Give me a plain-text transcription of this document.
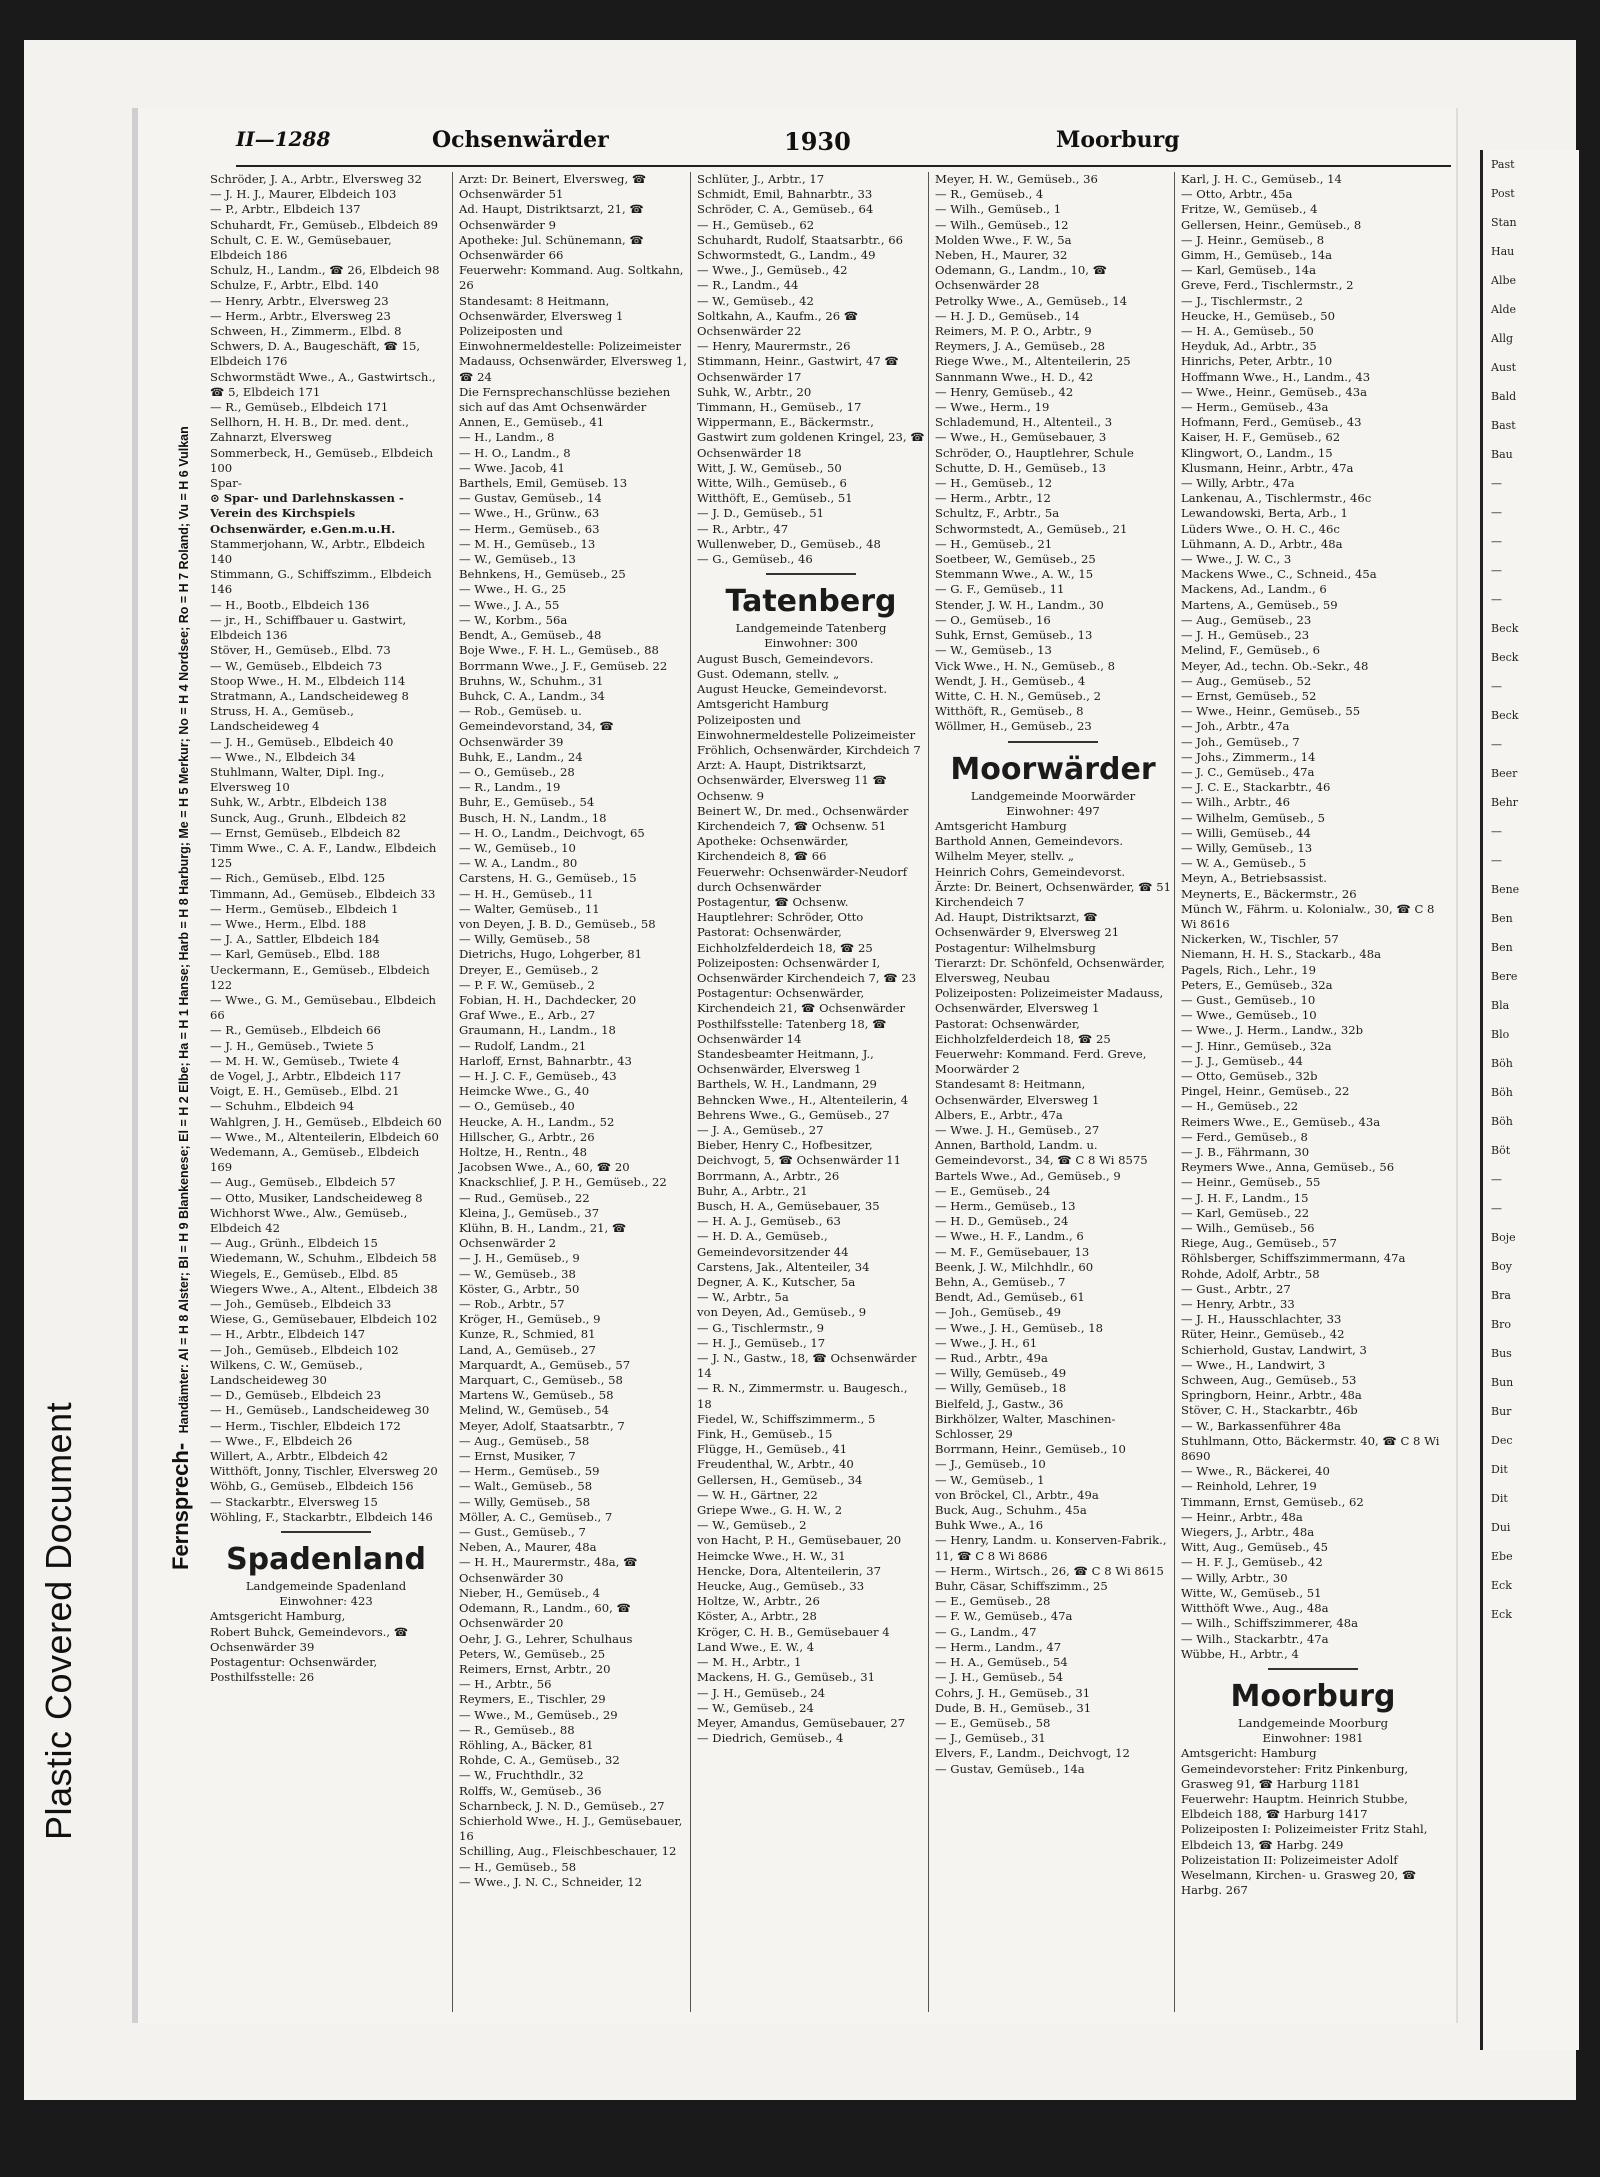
Plastic Covered Document
Past
Post
Stan
Hau
Albe
Alde
Allg
Aust
Bald
Bast
Bau
—
—
—
—
—
Beck
Beck
—
Beck
—
Beer
Behr
—
—
Bene
Ben
Ben
Bere
Bla
Blo
Böh
Böh
Böh
Böt
—
—
Boje
Boy
Bra
Bro
Bus
Bun
Bur
Dec
Dit
Dit
Dui
Ebe
Eck
Eck
Fernsprech- Handämter: Al = H 8 Alster; Bl = H 9 Blankenese; El = H 2 Elbe; Ha = H 1 Hanse; Harb = H 8 Harburg; Me = H 5 Merkur; No = H 4 Nordsee; Ro = H 7 Roland; Vu = H 6 Vulkan
II—1288	Ochsenwärder	1930	Moorburg
Schröder, J. A., Arbtr., Elversweg 32
— J. H. J., Maurer, Elbdeich 103
— P., Arbtr., Elbdeich 137
Schuhardt, Fr., Gemüseb., Elbdeich 89
Schult, C. E. W., Gemüsebauer, Elbdeich 186
Schulz, H., Landm., ☎ 26, Elbdeich 98
Schulze, F., Arbtr., Elbd. 140
— Henry, Arbtr., Elversweg 23
— Herm., Arbtr., Elversweg 23
Schween, H., Zimmerm., Elbd. 8
Schwers, D. A., Baugeschäft, ☎ 15, Elbdeich 176
Schwormstädt Wwe., A., Gastwirtsch., ☎ 5, Elbdeich 171
— R., Gemüseb., Elbdeich 171
Sellhorn, H. H. B., Dr. med. dent., Zahnarzt, Elversweg
Sommerbeck, H., Gemüseb., Elbdeich 100
Spar-
⊙ Spar- und Darlehnskassen - Verein des Kirchspiels Ochsenwärder, e.Gen.m.u.H.
Stammerjohann, W., Arbtr., Elbdeich 140
Stimmann, G., Schiffszimm., Elbdeich 146
— H., Bootb., Elbdeich 136
— jr., H., Schiffbauer u. Gastwirt, Elbdeich 136
Stöver, H., Gemüseb., Elbd. 73
— W., Gemüseb., Elbdeich 73
Stoop Wwe., H. M., Elbdeich 114
Stratmann, A., Landscheideweg 8
Struss, H. A., Gemüseb., Landscheideweg 4
— J. H., Gemüseb., Elbdeich 40
— Wwe., N., Elbdeich 34
Stuhlmann, Walter, Dipl. Ing., Elversweg 10
Suhk, W., Arbtr., Elbdeich 138
Sunck, Aug., Grunh., Elbdeich 82
— Ernst, Gemüseb., Elbdeich 82
Timm Wwe., C. A. F., Landw., Elbdeich 125
— Rich., Gemüseb., Elbd. 125
Timmann, Ad., Gemüseb., Elbdeich 33
— Herm., Gemüseb., Elbdeich 1
— Wwe., Herm., Elbd. 188
— J. A., Sattler, Elbdeich 184
— Karl, Gemüseb., Elbd. 188
Ueckermann, E., Gemüseb., Elbdeich 122
— Wwe., G. M., Gemüsebau., Elbdeich 66
— R., Gemüseb., Elbdeich 66
— J. H., Gemüseb., Twiete 5
— M. H. W., Gemüseb., Twiete 4
de Vogel, J., Arbtr., Elbdeich 117
Voigt, E. H., Gemüseb., Elbd. 21
— Schuhm., Elbdeich 94
Wahlgren, J. H., Gemüseb., Elbdeich 60
— Wwe., M., Altenteilerin, Elbdeich 60
Wedemann, A., Gemüseb., Elbdeich 169
— Aug., Gemüseb., Elbdeich 57
— Otto, Musiker, Landscheideweg 8
Wichhorst Wwe., Alw., Gemüseb., Elbdeich 42
— Aug., Grünh., Elbdeich 15
Wiedemann, W., Schuhm., Elbdeich 58
Wiegels, E., Gemüseb., Elbd. 85
Wiegers Wwe., A., Altent., Elbdeich 38
— Joh., Gemüseb., Elbdeich 33
Wiese, G., Gemüsebauer, Elbdeich 102
— H., Arbtr., Elbdeich 147
— Joh., Gemüseb., Elbdeich 102
Wilkens, C. W., Gemüseb., Landscheideweg 30
— D., Gemüseb., Elbdeich 23
— H., Gemüseb., Landscheideweg 30
— Herm., Tischler, Elbdeich 172
— Wwe., F., Elbdeich 26
Willert, A., Arbtr., Elbdeich 42
Witthöft, Jonny, Tischler, Elversweg 20
Wöhb, G., Gemüseb., Elbdeich 156
— Stackarbtr., Elversweg 15
Wöhling, F., Stackarbtr., Elbdeich 146
Spadenland
Landgemeinde Spadenland
Einwohner: 423
Amtsgericht Hamburg,
Robert Buhck, Gemeindevors., ☎ Ochsenwärder 39
Postagentur: Ochsenwärder, Posthilfsstelle: 26
Arzt: Dr. Beinert, Elversweg, ☎ Ochsenwärder 51
Ad. Haupt, Distriktsarzt, 21, ☎ Ochsenwärder 9
Apotheke: Jul. Schünemann, ☎ Ochsenwärder 66
Feuerwehr: Kommand. Aug. Soltkahn, 26
Standesamt: 8 Heitmann, Ochsenwärder, Elversweg 1
Polizeiposten und Einwohnermeldestelle: Polizeimeister Madauss, Ochsenwärder, Elversweg 1, ☎ 24
Die Fernsprechanschlüsse beziehen sich auf das Amt Ochsenwärder
Annen, E., Gemüseb., 41
— H., Landm., 8
— H. O., Landm., 8
— Wwe. Jacob, 41
Barthels, Emil, Gemüseb. 13
— Gustav, Gemüseb., 14
— Wwe., H., Grünw., 63
— Herm., Gemüseb., 63
— M. H., Gemüseb., 13
— W., Gemüseb., 13
Behnkens, H., Gemüseb., 25
— Wwe., H. G., 25
— Wwe., J. A., 55
— W., Korbm., 56a
Bendt, A., Gemüseb., 48
Boje Wwe., F. H. L., Gemüseb., 88
Borrmann Wwe., J. F., Gemüseb. 22
Bruhns, W., Schuhm., 31
Buhck, C. A., Landm., 34
— Rob., Gemüseb. u. Gemeindevorstand, 34, ☎ Ochsenwärder 39
Buhk, E., Landm., 24
— O., Gemüseb., 28
— R., Landm., 19
Buhr, E., Gemüseb., 54
Busch, H. N., Landm., 18
— H. O., Landm., Deichvogt, 65
— W., Gemüseb., 10
— W. A., Landm., 80
Carstens, H. G., Gemüseb., 15
— H. H., Gemüseb., 11
— Walter, Gemüseb., 11
von Deyen, J. B. D., Gemüseb., 58
— Willy, Gemüseb., 58
Dietrichs, Hugo, Lohgerber, 81
Dreyer, E., Gemüseb., 2
— P. F. W., Gemüseb., 2
Fobian, H. H., Dachdecker, 20
Graf Wwe., E., Arb., 27
Graumann, H., Landm., 18
— Rudolf, Landm., 21
Harloff, Ernst, Bahnarbtr., 43
— H. J. C. F., Gemüseb., 43
Heimcke Wwe., G., 40
— O., Gemüseb., 40
Heucke, A. H., Landm., 52
Hillscher, G., Arbtr., 26
Holtze, H., Rentn., 48
Jacobsen Wwe., A., 60, ☎ 20
Knackschlief, J. P. H., Gemüseb., 22
— Rud., Gemüseb., 22
Kleina, J., Gemüseb., 37
Klühn, B. H., Landm., 21, ☎ Ochsenwärder 2
— J. H., Gemüseb., 9
— W., Gemüseb., 38
Köster, G., Arbtr., 50
— Rob., Arbtr., 57
Kröger, H., Gemüseb., 9
Kunze, R., Schmied, 81
Land, A., Gemüseb., 27
Marquardt, A., Gemüseb., 57
Marquart, C., Gemüseb., 58
Martens W., Gemüseb., 58
Melind, W., Gemüseb., 54
Meyer, Adolf, Staatsarbtr., 7
— Aug., Gemüseb., 58
— Ernst, Musiker, 7
— Herm., Gemüseb., 59
— Walt., Gemüseb., 58
— Willy, Gemüseb., 58
Möller, A. C., Gemüseb., 7
— Gust., Gemüseb., 7
Neben, A., Maurer, 48a
— H. H., Maurermstr., 48a, ☎ Ochsenwärder 30
Nieber, H., Gemüseb., 4
Odemann, R., Landm., 60, ☎ Ochsenwärder 20
Oehr, J. G., Lehrer, Schulhaus
Peters, W., Gemüseb., 25
Reimers, Ernst, Arbtr., 20
— H., Arbtr., 56
Reymers, E., Tischler, 29
— Wwe., M., Gemüseb., 29
— R., Gemüseb., 88
Röhling, A., Bäcker, 81
Rohde, C. A., Gemüseb., 32
— W., Fruchthdlr., 32
Rolffs, W., Gemüseb., 36
Scharnbeck, J. N. D., Gemüseb., 27
Schierhold Wwe., H. J., Gemüsebauer, 16
Schilling, Aug., Fleischbeschauer, 12
— H., Gemüseb., 58
— Wwe., J. N. C., Schneider, 12
Schlüter, J., Arbtr., 17
Schmidt, Emil, Bahnarbtr., 33
Schröder, C. A., Gemüseb., 64
— H., Gemüseb., 62
Schuhardt, Rudolf, Staatsarbtr., 66
Schwormstedt, G., Landm., 49
— Wwe., J., Gemüseb., 42
— R., Landm., 44
— W., Gemüseb., 42
Soltkahn, A., Kaufm., 26 ☎ Ochsenwärder 22
— Henry, Maurermstr., 26
Stimmann, Heinr., Gastwirt, 47 ☎ Ochsenwärder 17
Suhk, W., Arbtr., 20
Timmann, H., Gemüseb., 17
Wippermann, E., Bäckermstr., Gastwirt zum goldenen Kringel, 23, ☎ Ochsenwärder 18
Witt, J. W., Gemüseb., 50
Witte, Wilh., Gemüseb., 6
Witthöft, E., Gemüseb., 51
— J. D., Gemüseb., 51
— R., Arbtr., 47
Wullenweber, D., Gemüseb., 48
— G., Gemüseb., 46
Tatenberg
Landgemeinde Tatenberg
Einwohner: 300
August Busch, Gemeindevors.
Gust. Odemann, stellv. „
August Heucke, Gemeindevorst.
Amtsgericht Hamburg
Polizeiposten und Einwohnermeldestelle Polizeimeister Fröhlich, Ochsenwärder, Kirchdeich 7
Arzt: A. Haupt, Distriktsarzt, Ochsenwärder, Elversweg 11 ☎ Ochsenw. 9
Beinert W., Dr. med., Ochsenwärder Kirchendeich 7, ☎ Ochsenw. 51
Apotheke: Ochsenwärder, Kirchendeich 8, ☎ 66
Feuerwehr: Ochsenwärder-Neudorf durch Ochsenwärder
Postagentur, ☎ Ochsenw.
Hauptlehrer: Schröder, Otto
Pastorat: Ochsenwärder, Eichholzfelderdeich 18, ☎ 25
Polizeiposten: Ochsenwärder I, Ochsenwärder Kirchendeich 7, ☎ 23
Postagentur: Ochsenwärder, Kirchendeich 21, ☎ Ochsenwärder
Posthilfsstelle: Tatenberg 18, ☎ Ochsenwärder 14
Standesbeamter Heitmann, J., Ochsenwärder, Elversweg 1
Barthels, W. H., Landmann, 29
Behncken Wwe., H., Altenteilerin, 4
Behrens Wwe., G., Gemüseb., 27
— J. A., Gemüseb., 27
Bieber, Henry C., Hofbesitzer, Deichvogt, 5, ☎ Ochsenwärder 11
Borrmann, A., Arbtr., 26
Buhr, A., Arbtr., 21
Busch, H. A., Gemüsebauer, 35
— H. A. J., Gemüseb., 63
— H. D. A., Gemüseb., Gemeindevorsitzender 44
Carstens, Jak., Altenteiler, 34
Degner, A. K., Kutscher, 5a
— W., Arbtr., 5a
von Deyen, Ad., Gemüseb., 9
— G., Tischlermstr., 9
— H. J., Gemüseb., 17
— J. N., Gastw., 18, ☎ Ochsenwärder 14
— R. N., Zimmermstr. u. Baugesch., 18
Fiedel, W., Schiffszimmerm., 5
Fink, H., Gemüseb., 15
Flügge, H., Gemüseb., 41
Freudenthal, W., Arbtr., 40
Gellersen, H., Gemüseb., 34
— W. H., Gärtner, 22
Griepe Wwe., G. H. W., 2
— W., Gemüseb., 2
von Hacht, P. H., Gemüsebauer, 20
Heimcke Wwe., H. W., 31
Hencke, Dora, Altenteilerin, 37
Heucke, Aug., Gemüseb., 33
Holtze, W., Arbtr., 26
Köster, A., Arbtr., 28
Kröger, C. H. B., Gemüsebauer 4
Land Wwe., E. W., 4
— M. H., Arbtr., 1
Mackens, H. G., Gemüseb., 31
— J. H., Gemüseb., 24
— W., Gemüseb., 24
Meyer, Amandus, Gemüsebauer, 27
— Diedrich, Gemüseb., 4
Meyer, H. W., Gemüseb., 36
— R., Gemüseb., 4
— Wilh., Gemüseb., 1
— Wilh., Gemüseb., 12
Molden Wwe., F. W., 5a
Neben, H., Maurer, 32
Odemann, G., Landm., 10, ☎ Ochsenwärder 28
Petrolky Wwe., A., Gemüseb., 14
— H. J. D., Gemüseb., 14
Reimers, M. P. O., Arbtr., 9
Reymers, J. A., Gemüseb., 28
Riege Wwe., M., Altenteilerin, 25
Sannmann Wwe., H. D., 42
— Henry, Gemüseb., 42
— Wwe., Herm., 19
Schlademund, H., Altenteil., 3
— Wwe., H., Gemüsebauer, 3
Schröder, O., Hauptlehrer, Schule
Schutte, D. H., Gemüseb., 13
— H., Gemüseb., 12
— Herm., Arbtr., 12
Schultz, F., Arbtr., 5a
Schwormstedt, A., Gemüseb., 21
— H., Gemüseb., 21
Soetbeer, W., Gemüseb., 25
Stemmann Wwe., A. W., 15
— G. F., Gemüseb., 11
Stender, J. W. H., Landm., 30
— O., Gemüseb., 16
Suhk, Ernst, Gemüseb., 13
— W., Gemüseb., 13
Vick Wwe., H. N., Gemüseb., 8
Wendt, J. H., Gemüseb., 4
Witte, C. H. N., Gemüseb., 2
Witthöft, R., Gemüseb., 8
Wöllmer, H., Gemüseb., 23
Moorwärder
Landgemeinde Moorwärder
Einwohner: 497
Amtsgericht Hamburg
Barthold Annen, Gemeindevors.
Wilhelm Meyer, stellv. „
Heinrich Cohrs, Gemeindevorst.
Ärzte: Dr. Beinert, Ochsenwärder, ☎ 51 Kirchendeich 7
Ad. Haupt, Distriktsarzt, ☎ Ochsenwärder 9, Elversweg 21
Postagentur: Wilhelmsburg
Tierarzt: Dr. Schönfeld, Ochsenwärder, Elversweg, Neubau
Polizeiposten: Polizeimeister Madauss, Ochsenwärder, Elversweg 1
Pastorat: Ochsenwärder, Eichholzfelderdeich 18, ☎ 25
Feuerwehr: Kommand. Ferd. Greve, Moorwärder 2
Standesamt 8: Heitmann, Ochsenwärder, Elversweg 1
Albers, E., Arbtr., 47a
— Wwe. J. H., Gemüseb., 27
Annen, Barthold, Landm. u. Gemeindevorst., 34, ☎ C 8 Wi 8575
Bartels Wwe., Ad., Gemüseb., 9
— E., Gemüseb., 24
— Herm., Gemüseb., 13
— H. D., Gemüseb., 24
— Wwe., H. F., Landm., 6
— M. F., Gemüsebauer, 13
Beenk, J. W., Milchhdlr., 60
Behn, A., Gemüseb., 7
Bendt, Ad., Gemüseb., 61
— Joh., Gemüseb., 49
— Wwe., J. H., Gemüseb., 18
— Wwe., J. H., 61
— Rud., Arbtr., 49a
— Willy, Gemüseb., 49
— Willy, Gemüseb., 18
Bielfeld, J., Gastw., 36
Birkhölzer, Walter, Maschinen-Schlosser, 29
Borrmann, Heinr., Gemüseb., 10
— J., Gemüseb., 10
— W., Gemüseb., 1
von Bröckel, Cl., Arbtr., 49a
Buck, Aug., Schuhm., 45a
Buhk Wwe., A., 16
— Henry, Landm. u. Konserven-Fabrik., 11, ☎ C 8 Wi 8686
— Herm., Wirtsch., 26, ☎ C 8 Wi 8615
Buhr, Cäsar, Schiffszimm., 25
— E., Gemüseb., 28
— F. W., Gemüseb., 47a
— G., Landm., 47
— Herm., Landm., 47
— H. A., Gemüseb., 54
— J. H., Gemüseb., 54
Cohrs, J. H., Gemüseb., 31
Dude, B. H., Gemüseb., 31
— E., Gemüseb., 58
— J., Gemüseb., 31
Elvers, F., Landm., Deichvogt, 12
— Gustav, Gemüseb., 14a
Karl, J. H. C., Gemüseb., 14
— Otto, Arbtr., 45a
Fritze, W., Gemüseb., 4
Gellersen, Heinr., Gemüseb., 8
— J. Heinr., Gemüseb., 8
Gimm, H., Gemüseb., 14a
— Karl, Gemüseb., 14a
Greve, Ferd., Tischlermstr., 2
— J., Tischlermstr., 2
Heucke, H., Gemüseb., 50
— H. A., Gemüseb., 50
Heyduk, Ad., Arbtr., 35
Hinrichs, Peter, Arbtr., 10
Hoffmann Wwe., H., Landm., 43
— Wwe., Heinr., Gemüseb., 43a
— Herm., Gemüseb., 43a
Hofmann, Ferd., Gemüseb., 43
Kaiser, H. F., Gemüseb., 62
Klingwort, O., Landm., 15
Klusmann, Heinr., Arbtr., 47a
— Willy, Arbtr., 47a
Lankenau, A., Tischlermstr., 46c
Lewandowski, Berta, Arb., 1
Lüders Wwe., O. H. C., 46c
Lühmann, A. D., Arbtr., 48a
— Wwe., J. W. C., 3
Mackens Wwe., C., Schneid., 45a
Mackens, Ad., Landm., 6
Martens, A., Gemüseb., 59
— Aug., Gemüseb., 23
— J. H., Gemüseb., 23
Melind, F., Gemüseb., 6
Meyer, Ad., techn. Ob.-Sekr., 48
— Aug., Gemüseb., 52
— Ernst, Gemüseb., 52
— Wwe., Heinr., Gemüseb., 55
— Joh., Arbtr., 47a
— Joh., Gemüseb., 7
— Johs., Zimmerm., 14
— J. C., Gemüseb., 47a
— J. C. E., Stackarbtr., 46
— Wilh., Arbtr., 46
— Wilhelm, Gemüseb., 5
— Willi, Gemüseb., 44
— Willy, Gemüseb., 13
— W. A., Gemüseb., 5
Meyn, A., Betriebsassist.
Meynerts, E., Bäckermstr., 26
Münch W., Fährm. u. Kolonialw., 30, ☎ C 8 Wi 8616
Nickerken, W., Tischler, 57
Niemann, H. H. S., Stackarb., 48a
Pagels, Rich., Lehr., 19
Peters, E., Gemüseb., 32a
— Gust., Gemüseb., 10
— Wwe., Gemüseb., 10
— Wwe., J. Herm., Landw., 32b
— J. Hinr., Gemüseb., 32a
— J. J., Gemüseb., 44
— Otto, Gemüseb., 32b
Pingel, Heinr., Gemüseb., 22
— H., Gemüseb., 22
Reimers Wwe., E., Gemüseb., 43a
— Ferd., Gemüseb., 8
— J. B., Fährmann, 30
Reymers Wwe., Anna, Gemüseb., 56
— Heinr., Gemüseb., 55
— J. H. F., Landm., 15
— Karl, Gemüseb., 22
— Wilh., Gemüseb., 56
Riege, Aug., Gemüseb., 57
Röhlsberger, Schiffszimmermann, 47a
Rohde, Adolf, Arbtr., 58
— Gust., Arbtr., 27
— Henry, Arbtr., 33
— J. H., Hausschlachter, 33
Rüter, Heinr., Gemüseb., 42
Schierhold, Gustav, Landwirt, 3
— Wwe., H., Landwirt, 3
Schween, Aug., Gemüseb., 53
Springborn, Heinr., Arbtr., 48a
Stöver, C. H., Stackarbtr., 46b
— W., Barkassenführer 48a
Stuhlmann, Otto, Bäckermstr. 40, ☎ C 8 Wi 8690
— Wwe., R., Bäckerei, 40
— Reinhold, Lehrer, 19
Timmann, Ernst, Gemüseb., 62
— Heinr., Arbtr., 48a
Wiegers, J., Arbtr., 48a
Witt, Aug., Gemüseb., 45
— H. F. J., Gemüseb., 42
— Willy, Arbtr., 30
Witte, W., Gemüseb., 51
Witthöft Wwe., Aug., 48a
— Wilh., Schiffszimmerer, 48a
— Wilh., Stackarbtr., 47a
Wübbe, H., Arbtr., 4
Moorburg
Landgemeinde Moorburg
Einwohner: 1981
Amtsgericht: Hamburg
Gemeindevorsteher: Fritz Pinkenburg, Grasweg 91, ☎ Harburg 1181
Feuerwehr: Hauptm. Heinrich Stubbe, Elbdeich 188, ☎ Harburg 1417
Polizeiposten I: Polizeimeister Fritz Stahl, Elbdeich 13, ☎ Harbg. 249
Polizeistation II: Polizeimeister Adolf Weselmann, Kirchen- u. Grasweg 20, ☎ Harbg. 267
